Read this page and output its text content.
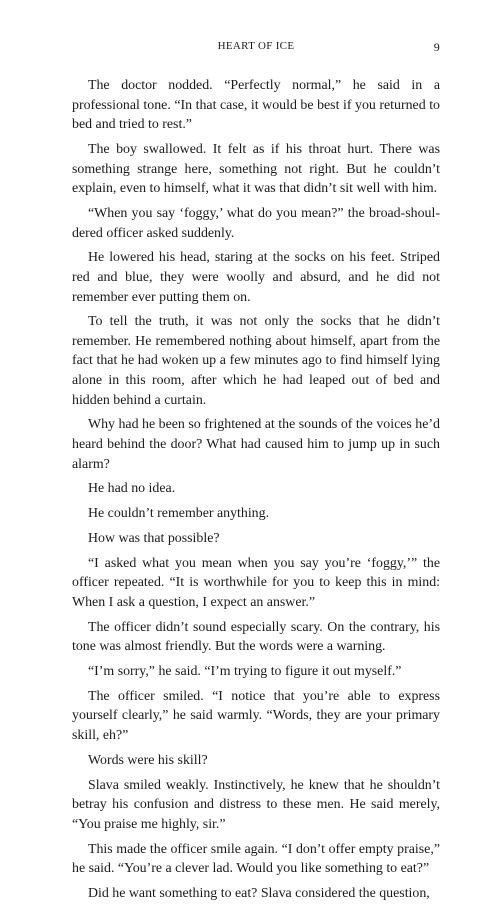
HEART OF ICE	9

The doctor nodded. “Perfectly normal,” he said in a professional tone. “In that case, it would be best if you returned to bed and tried to rest.”

The boy swallowed. It felt as if his throat hurt. There was something strange here, something not right. But he couldn’t explain, even to himself, what it was that didn’t sit well with him.

“When you say ‘foggy,’ what do you mean?” the broad-shouldered officer asked suddenly.

He lowered his head, staring at the socks on his feet. Striped red and blue, they were woolly and absurd, and he did not remember ever putting them on.

To tell the truth, it was not only the socks that he didn’t remember. He remembered nothing about himself, apart from the fact that he had woken up a few minutes ago to find himself lying alone in this room, after which he had leaped out of bed and hidden behind a curtain.

Why had he been so frightened at the sounds of the voices he’d heard behind the door? What had caused him to jump up in such alarm?

He had no idea.

He couldn’t remember anything.

How was that possible?

“I asked what you mean when you say you’re ‘foggy,’” the officer repeated. “It is worthwhile for you to keep this in mind: When I ask a question, I expect an answer.”

The officer didn’t sound especially scary. On the contrary, his tone was almost friendly. But the words were a warning.

“I’m sorry,” he said. “I’m trying to figure it out myself.”

The officer smiled. “I notice that you’re able to express yourself clearly,” he said warmly. “Words, they are your primary skill, eh?”

Words were his skill?

Slava smiled weakly. Instinctively, he knew that he shouldn’t betray his confusion and distress to these men. He said merely, “You praise me highly, sir.”

This made the officer smile again. “I don’t offer empty praise,” he said. “You’re a clever lad. Would you like something to eat?”

Did he want something to eat? Slava considered the question,
